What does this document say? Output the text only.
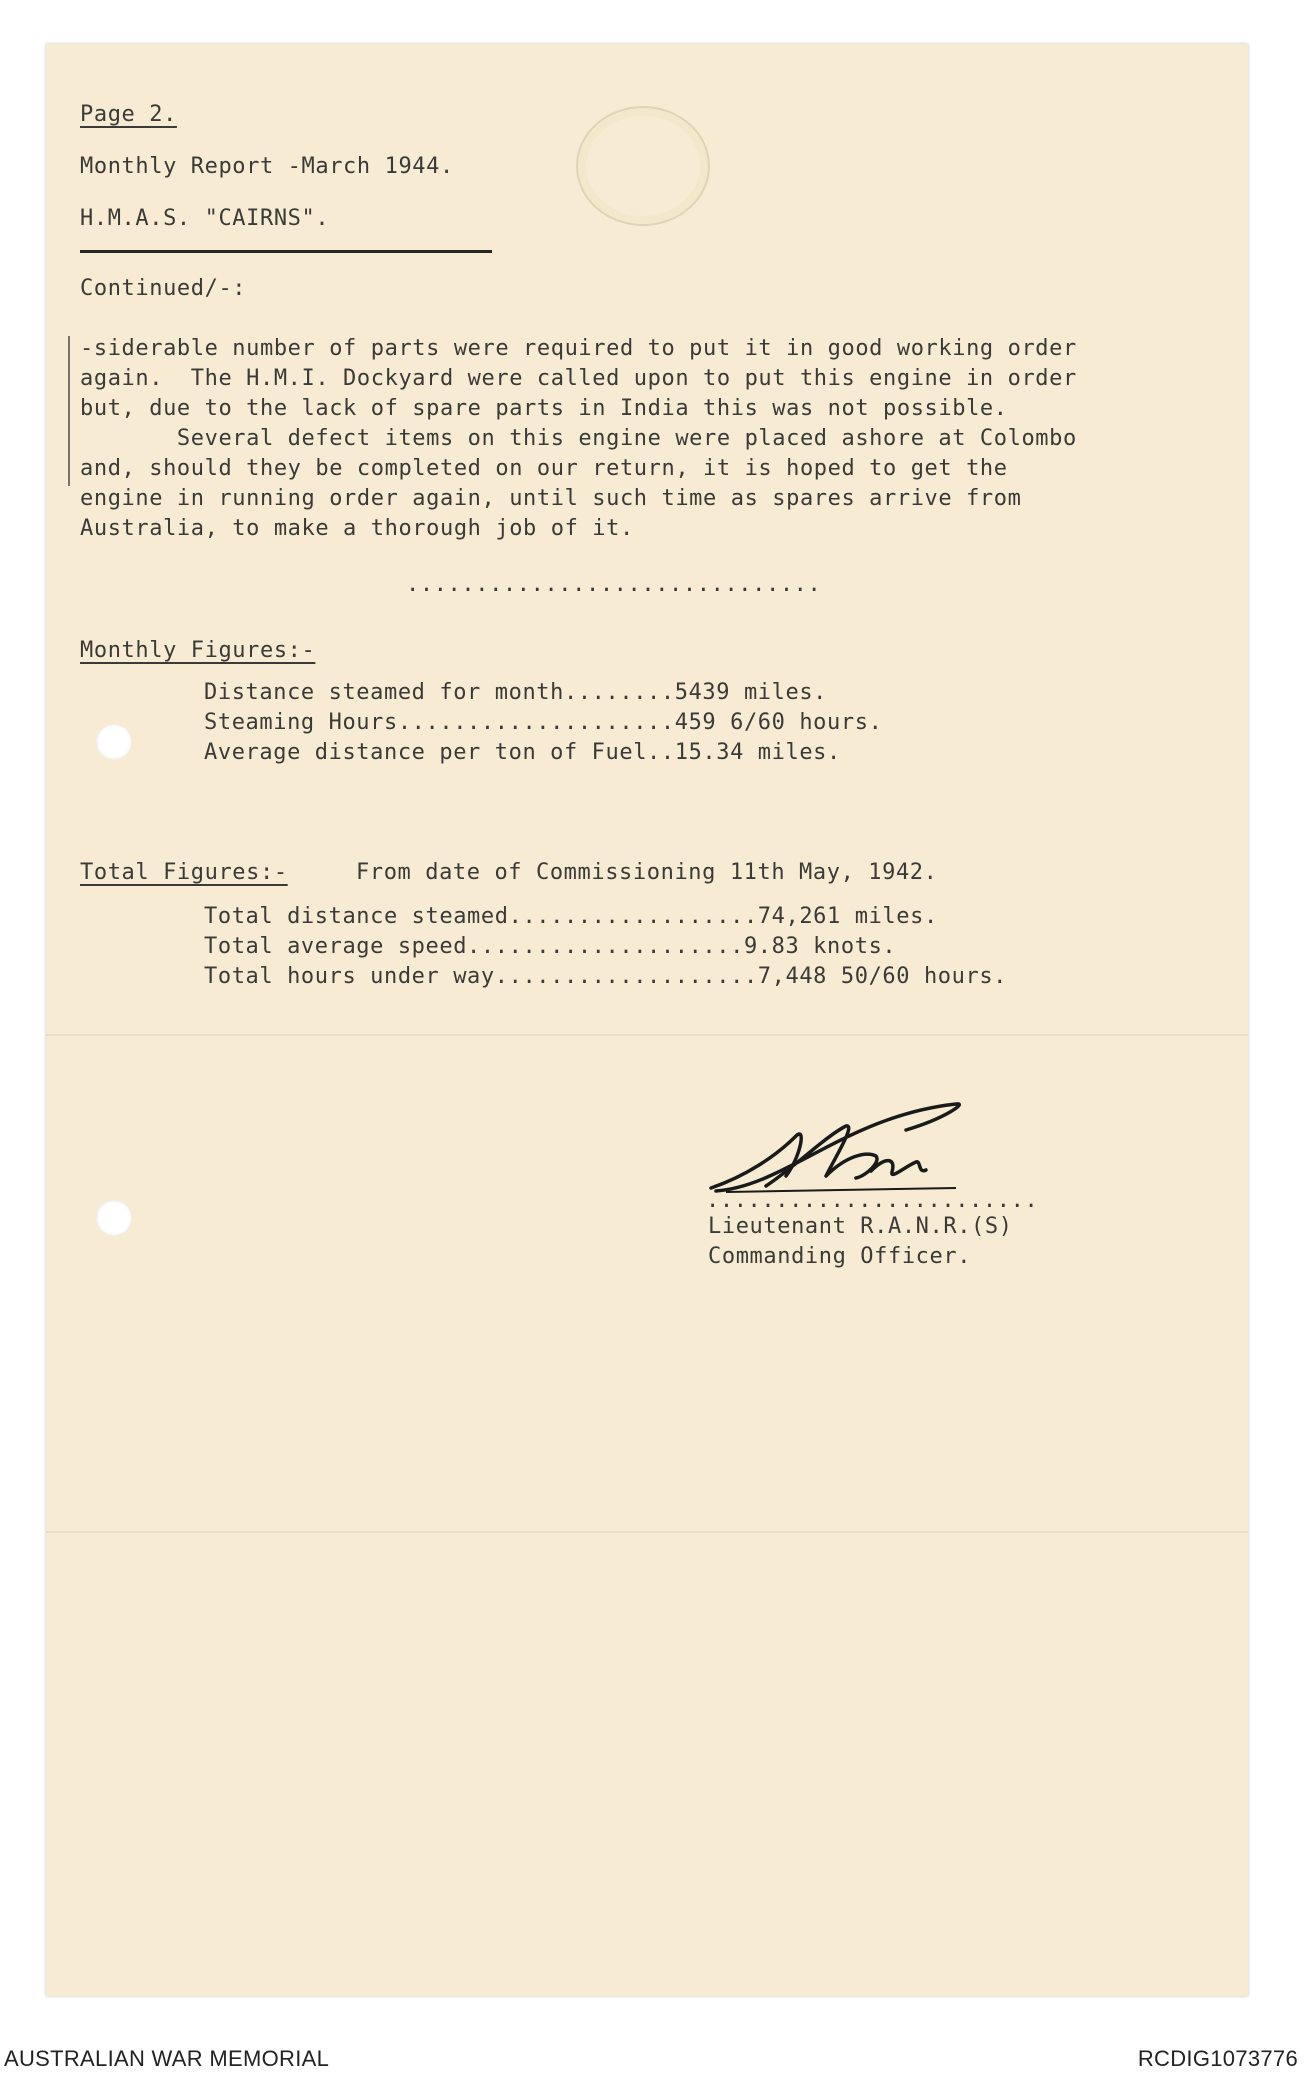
Page 2.
Monthly Report -March 1944.
H.M.A.S. "CAIRNS".
Continued/-:
-siderable number of parts were required to put it in good working order
again.  The H.M.I. Dockyard were called upon to put this engine in order
but, due to the lack of spare parts in India this was not possible.
Several defect items on this engine were placed ashore at Colombo
and, should they be completed on our return, it is hoped to get the
engine in running order again, until such time as spares arrive from
Australia, to make a thorough job of it.
..............................
Monthly Figures:-
Distance steamed for month........5439 miles.
Steaming Hours....................459 6/60 hours.
Average distance per ton of Fuel..15.34 miles.
Total Figures:-	From date of Commissioning 11th May, 1942.
Total distance steamed..................74,261 miles.
Total average speed....................9.83 knots.
Total hours under way...................7,448 50/60 hours.
........................
Lieutenant R.A.N.R.(S)
Commanding Officer.
AUSTRALIAN WAR MEMORIAL	RCDIG1073776
